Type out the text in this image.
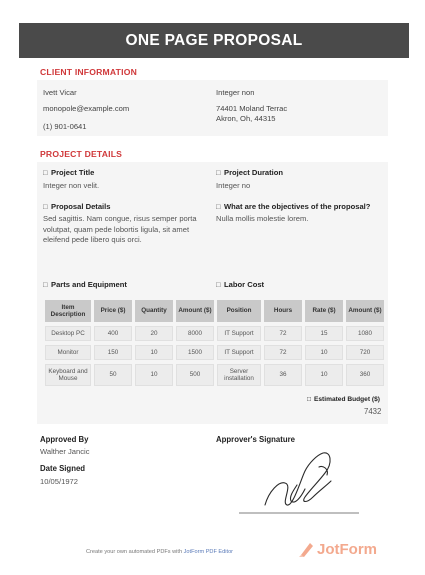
ONE PAGE PROPOSAL
CLIENT INFORMATION
Ivett Vicar
monopole@example.com
(1) 901-0641
Integer non
74401 Moland Terrac
Akron, Oh, 44315
PROJECT DETAILS
□ Project Title
Integer non velit.
□ Project Duration
Integer no
□ Proposal Details
Sed sagittis. Nam congue, risus semper porta volutpat, quam pede lobortis ligula, sit amet eleifend pede libero quis orci.
□ What are the objectives of the proposal?
Nulla mollis molestie lorem.
□ Parts and Equipment	□ Labor Cost
Item Description	Price ($)	Quantity	Amount ($)
Desktop PC	400	20	8000
Monitor	150	10	1500
Keyboard and Mouse	50	10	500
Position	Hours	Rate ($)	Amount ($)
IT Support	72	15	1080
IT Support	72	10	720
Server installation	36	10	360
□ Estimated Budget ($)
7432
Approved By
Walther Jancic
Date Signed
10/05/1972
Approver's Signature
Create your own automated PDFs with JotForm PDF Editor	JotForm
